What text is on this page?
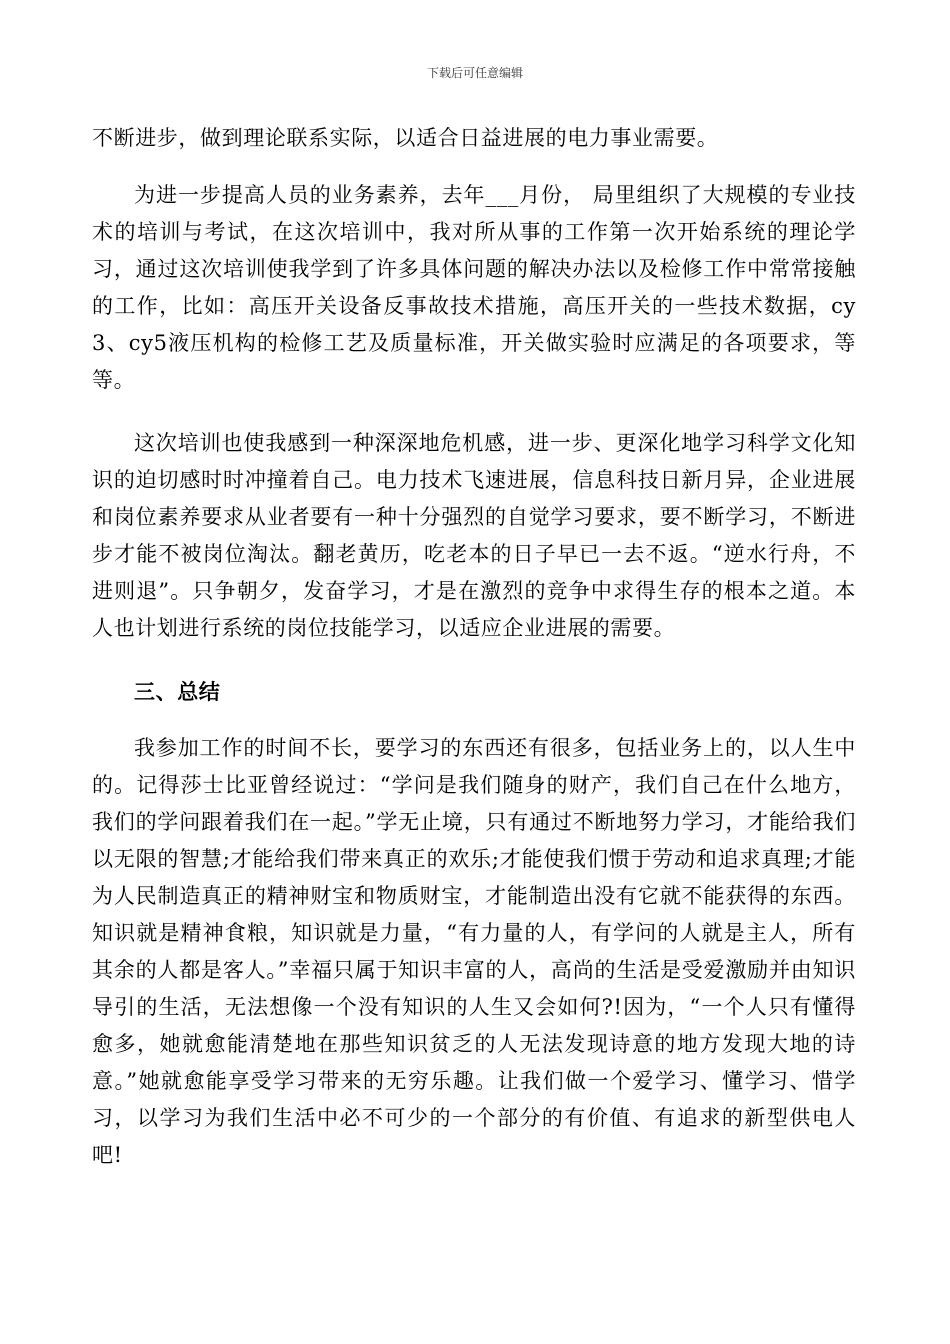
下载后可任意编辑

不断进步，做到理论联系实际，以适合日益进展的电力事业需要。

为进一步提高人员的业务素养，去年___月份， 局里组织了大规模的专业技术的培训与考试，在这次培训中，我对所从事的工作第一次开始系统的理论学习，通过这次培训使我学到了许多具体问题的解决办法以及检修工作中常常接触的工作，比如：高压开关设备反事故技术措施，高压开关的一些技术数据，cy3、cy5液压机构的检修工艺及质量标准，开关做实验时应满足的各项要求，等等。

这次培训也使我感到一种深深地危机感，进一步、更深化地学习科学文化知识的迫切感时时冲撞着自己。电力技术飞速进展，信息科技日新月异，企业进展和岗位素养要求从业者要有一种十分强烈的自觉学习要求，要不断学习，不断进步才能不被岗位淘汰。翻老黄历，吃老本的日子早已一去不返。“逆水行舟，不进则退”。只争朝夕，发奋学习，才是在激烈的竞争中求得生存的根本之道。本人也计划进行系统的岗位技能学习，以适应企业进展的需要。

三、总结

我参加工作的时间不长，要学习的东西还有很多，包括业务上的，以人生中的。记得莎士比亚曾经说过：“学问是我们随身的财产，我们自己在什么地方，我们的学问跟着我们在一起。”学无止境，只有通过不断地努力学习，才能给我们以无限的智慧;才能给我们带来真正的欢乐;才能使我们惯于劳动和追求真理;才能为人民制造真正的精神财宝和物质财宝，才能制造出没有它就不能获得的东西。知识就是精神食粮，知识就是力量，“有力量的人，有学问的人就是主人，所有其余的人都是客人。”幸福只属于知识丰富的人，高尚的生活是受爱激励并由知识导引的生活，无法想像一个没有知识的人生又会如何?!因为，“一个人只有懂得愈多，她就愈能清楚地在那些知识贫乏的人无法发现诗意的地方发现大地的诗意。”她就愈能享受学习带来的无穷乐趣。让我们做一个爱学习、懂学习、惜学习，以学习为我们生活中必不可少的一个部分的有价值、有追求的新型供电人吧!
